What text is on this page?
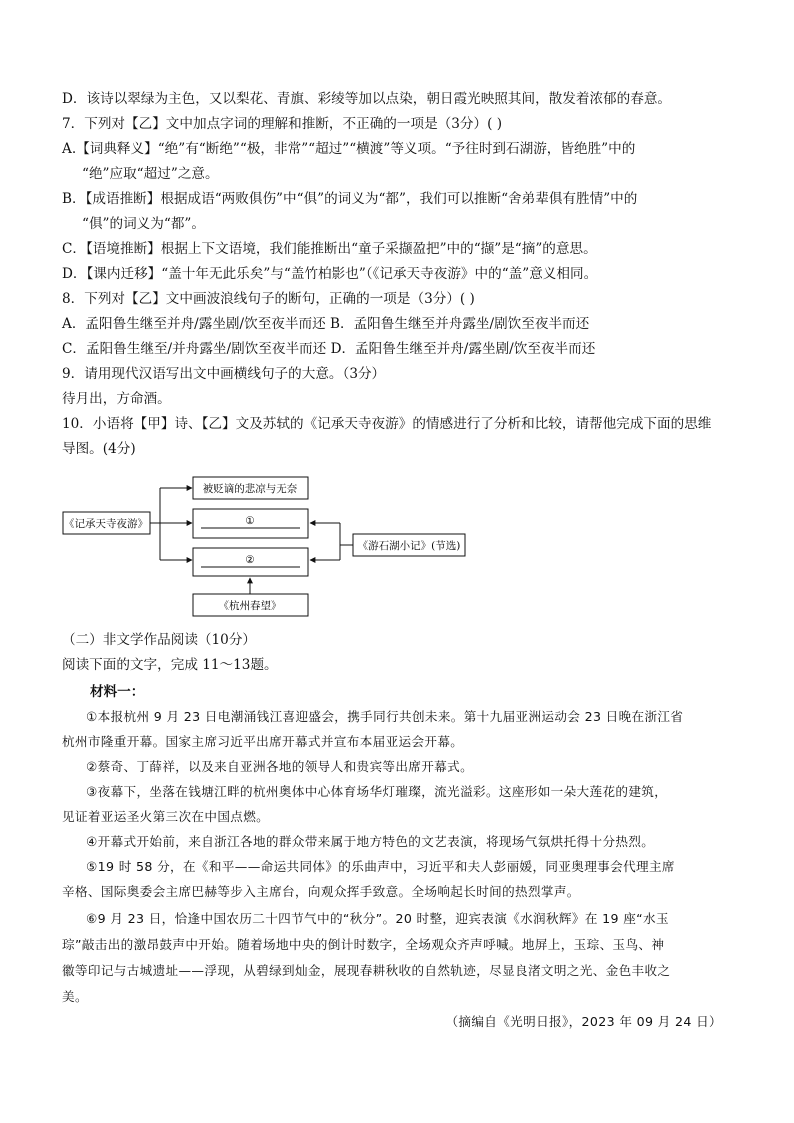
D．该诗以翠绿为主色，又以梨花、青旗、彩绫等加以点染，朝日霞光映照其间，散发着浓郁的春意。
7．下列对【乙】文中加点字词的理解和推断，不正确的一项是（3分）( )
A.【词典释义】“绝”有“断绝”“极，非常”“超过”“横渡”等义项。“予往时到石湖游，皆绝胜”中的
“绝”应取“超过”之意。
B．【成语推断】根据成语“两败俱伤”中“俱”的词义为“都”，我们可以推断“舍弟辈俱有胜情”中的
“俱”的词义为“都”。
C．【语境推断】根据上下文语境，我们能推断出“童子采撷盈把”中的“撷”是“摘”的意思。
D．【课内迁移】“盖十年无此乐矣”与“盖竹柏影也”（《记承天寺夜游》中的“盖”意义相同。
8．下列对【乙】文中画波浪线句子的断句，正确的一项是（3分）( )
A．孟阳鲁生继至并舟/露坐剧/饮至夜半而还 B．孟阳鲁生继至并舟露坐/剧饮至夜半而还
C．孟阳鲁生继至/并舟露坐/剧饮至夜半而还 D．孟阳鲁生继至并舟/露坐剧/饮至夜半而还
9．请用现代汉语写出文中画横线句子的大意。（3分）
待月出，方命酒。
10．小语将【甲】诗、【乙】文及苏轼的《记承天寺夜游》的情感进行了分析和比较，请帮他完成下面的思维
导图。(4分)
《记承天寺夜游》
被贬谪的悲凉与无奈
①
②
《游石湖小记》(节选)
《杭州春望》
（二）非文学作品阅读（10分）
阅读下面的文字，完成 11～13题。
材料一：
①本报杭州 9 月 23 日电潮涌钱江喜迎盛会，携手同行共创未来。第十九届亚洲运动会 23 日晚在浙江省
杭州市隆重开幕。国家主席习近平出席开幕式并宣布本届亚运会开幕。
②蔡奇、丁薛祥，以及来自亚洲各地的领导人和贵宾等出席开幕式。
③夜幕下，坐落在钱塘江畔的杭州奥体中心体育场华灯璀璨，流光溢彩。这座形如一朵大莲花的建筑，
见证着亚运圣火第三次在中国点燃。
④开幕式开始前，来自浙江各地的群众带来属于地方特色的文艺表演，将现场气氛烘托得十分热烈。
⑤19 时 58 分，在《和平——命运共同体》的乐曲声中，习近平和夫人彭丽媛，同亚奥理事会代理主席
辛格、国际奥委会主席巴赫等步入主席台，向观众挥手致意。全场响起长时间的热烈掌声。
⑥9 月 23 日，恰逢中国农历二十四节气中的“秋分”。20 时整，迎宾表演《水润秋辉》在 19 座“水玉
琮”敲击出的激昂鼓声中开始。随着场地中央的倒计时数字，全场观众齐声呼喊。地屏上，玉琮、玉鸟、神
徽等印记与古城遗址——浮现，从碧绿到灿金，展现春耕秋收的自然轨迹，尽显良渚文明之光、金色丰收之
美。
（摘编自《光明日报》，2023 年 09 月 24 日）
